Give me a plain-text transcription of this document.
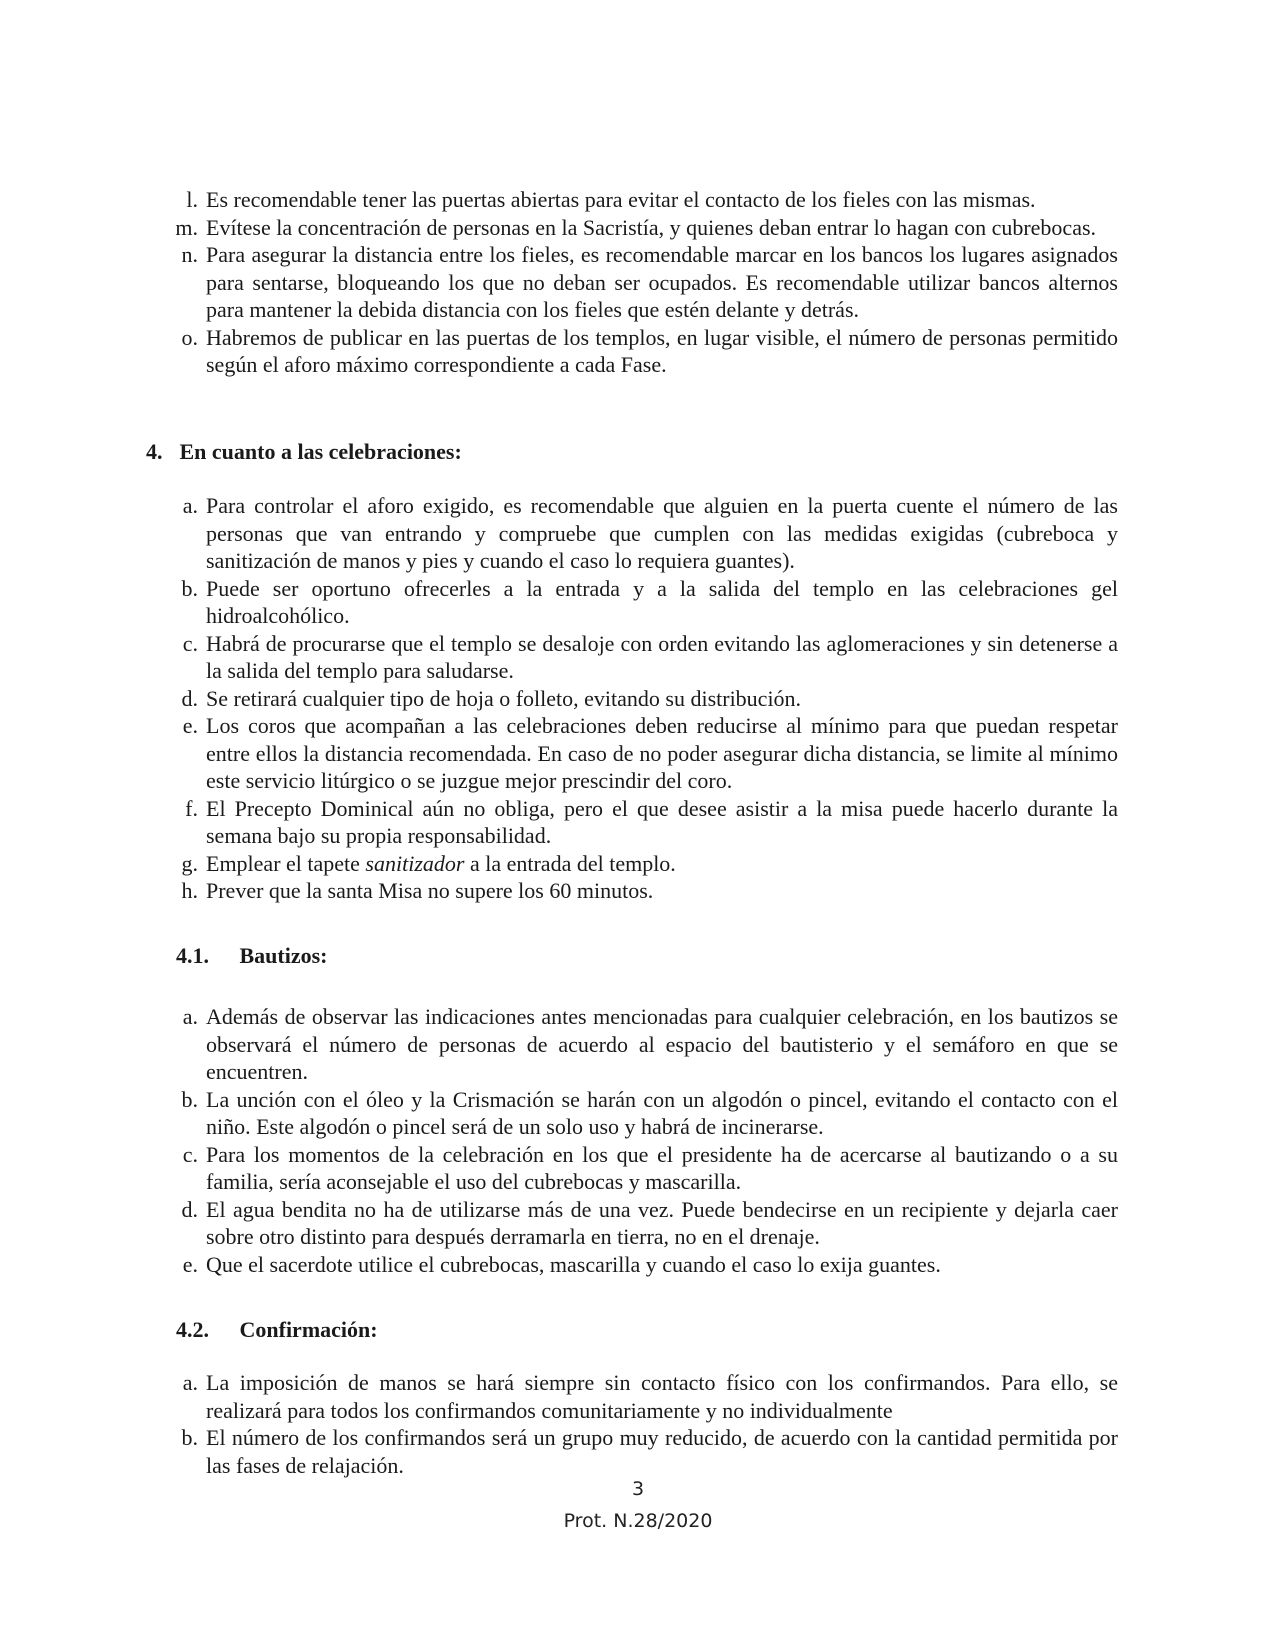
l. Es recomendable tener las puertas abiertas para evitar el contacto de los fieles con las mismas.
m. Evítese la concentración de personas en la Sacristía, y quienes deban entrar lo hagan con cubrebocas.
n. Para asegurar la distancia entre los fieles, es recomendable marcar en los bancos los lugares asignados para sentarse, bloqueando los que no deban ser ocupados. Es recomendable utilizar bancos alternos para mantener la debida distancia con los fieles que estén delante y detrás.
o. Habremos de publicar en las puertas de los templos, en lugar visible, el número de personas permitido según el aforo máximo correspondiente a cada Fase.
4. En cuanto a las celebraciones:
a. Para controlar el aforo exigido, es recomendable que alguien en la puerta cuente el número de las personas que van entrando y compruebe que cumplen con las medidas exigidas (cubreboca y sanitización de manos y pies y cuando el caso lo requiera guantes).
b. Puede ser oportuno ofrecerles a la entrada y a la salida del templo en las celebraciones gel hidroalcohólico.
c. Habrá de procurarse que el templo se desaloje con orden evitando las aglomeraciones y sin detenerse a la salida del templo para saludarse.
d. Se retirará cualquier tipo de hoja o folleto, evitando su distribución.
e. Los coros que acompañan a las celebraciones deben reducirse al mínimo para que puedan respetar entre ellos la distancia recomendada. En caso de no poder asegurar dicha distancia, se limite al mínimo este servicio litúrgico o se juzgue mejor prescindir del coro.
f. El Precepto Dominical aún no obliga, pero el que desee asistir a la misa puede hacerlo durante la semana bajo su propia responsabilidad.
g. Emplear el tapete sanitizador a la entrada del templo.
h. Prever que la santa Misa no supere los 60 minutos.
4.1. Bautizos:
a. Además de observar las indicaciones antes mencionadas para cualquier celebración, en los bautizos se observará el número de personas de acuerdo al espacio del bautisterio y el semáforo en que se encuentren.
b. La unción con el óleo y la Crismación se harán con un algodón o pincel, evitando el contacto con el niño. Este algodón o pincel será de un solo uso y habrá de incinerarse.
c. Para los momentos de la celebración en los que el presidente ha de acercarse al bautizando o a su familia, sería aconsejable el uso del cubrebocas y mascarilla.
d. El agua bendita no ha de utilizarse más de una vez. Puede bendecirse en un recipiente y dejarla caer sobre otro distinto para después derramarla en tierra, no en el drenaje.
e. Que el sacerdote utilice el cubrebocas, mascarilla y cuando el caso lo exija guantes.
4.2. Confirmación:
a. La imposición de manos se hará siempre sin contacto físico con los confirmandos. Para ello, se realizará para todos los confirmandos comunitariamente y no individualmente
b. El número de los confirmandos será un grupo muy reducido, de acuerdo con la cantidad permitida por las fases de relajación.
3
Prot. N.28/2020
